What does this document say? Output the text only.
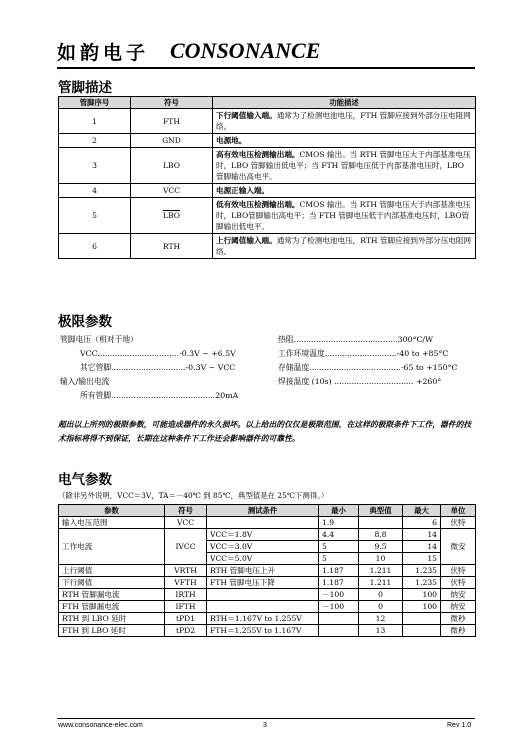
如韵电子 CONSONANCE
管脚描述
管脚序号	符号	功能描述
1	FTH	下行阈值输入端。通常为了检测电池电压，FTH 管脚应接到外部分压电阻网络。
2	GND	电源地。
3	LBO	高有效电压检测输出端。CMOS 输出。当 RTH 管脚电压大于内部基准电压时，LBO 管脚输出低电平；当 FTH 管脚电压低于内部基准电压时，LBO 管脚输出高电平。
4	VCC	电源正输入端。
5	$\overline{LBO}$	低有效电压检测输出端。CMOS 输出。当 RTH 管脚电压大于内部基准电压时，LBO管脚输出高电平；当 FTH 管脚电压低于内部基准电压时，LBO管脚输出低电平。
6	RTH	上行阈值输入端。通常为了检测电池电压，RTH 管脚应接到外部分压电阻网络。
极限参数
管脚电压（相对于地）
VCC.................................-0.3V ~ +6.5V
其它管脚..............................-0.3V ~ VCC
输入/输出电流
所有管脚..........................................20mA
热阻..........................................300°C/W
工作环境温度.............................-40 to +85°C
存储温度.....................................-65 to +150°C
焊接温度 (10s) ................................ +260°
超出以上所列的极限参数，可能造成器件的永久损坏。以上给出的仅仅是极限范围，在这样的极限条件下工作，器件的技术指标将得不到保证，长期在这种条件下工作还会影响器件的可靠性。
电气参数
（除非另外说明，VCC＝3V，TA＝－40℃ 到 85℃，典型值是在 25℃下测得。）
参数	符号	测试条件	最小	典型值	最大	单位
输入电压范围	VCC		1.9		6	伏特
工作电流	IVCC	VCC＝1.8V	4.4	8.8	14	微安
		VCC＝3.0V	5	9.5	14	
		VCC＝5.0V	5	10	15	
上行阈值	VRTH	RTH 管脚电压上升	1.187	1.211	1.235	伏特
下行阈值	VFTH	FTH 管脚电压下降	1.187	1.211	1.235	伏特
RTH 管脚漏电流	IRTH		－100	0	100	纳安
FTH 管脚漏电流	IFTH		－100	0	100	纳安
RTH 到 LBO 延时	tPD1	RTH＝1.167V to 1.255V		12		微秒
FTH 到 LBO 延时	tPD2	FTH＝1.255V to 1.167V		13		微秒
www.consonance-elec.com	3	Rev 1.0
